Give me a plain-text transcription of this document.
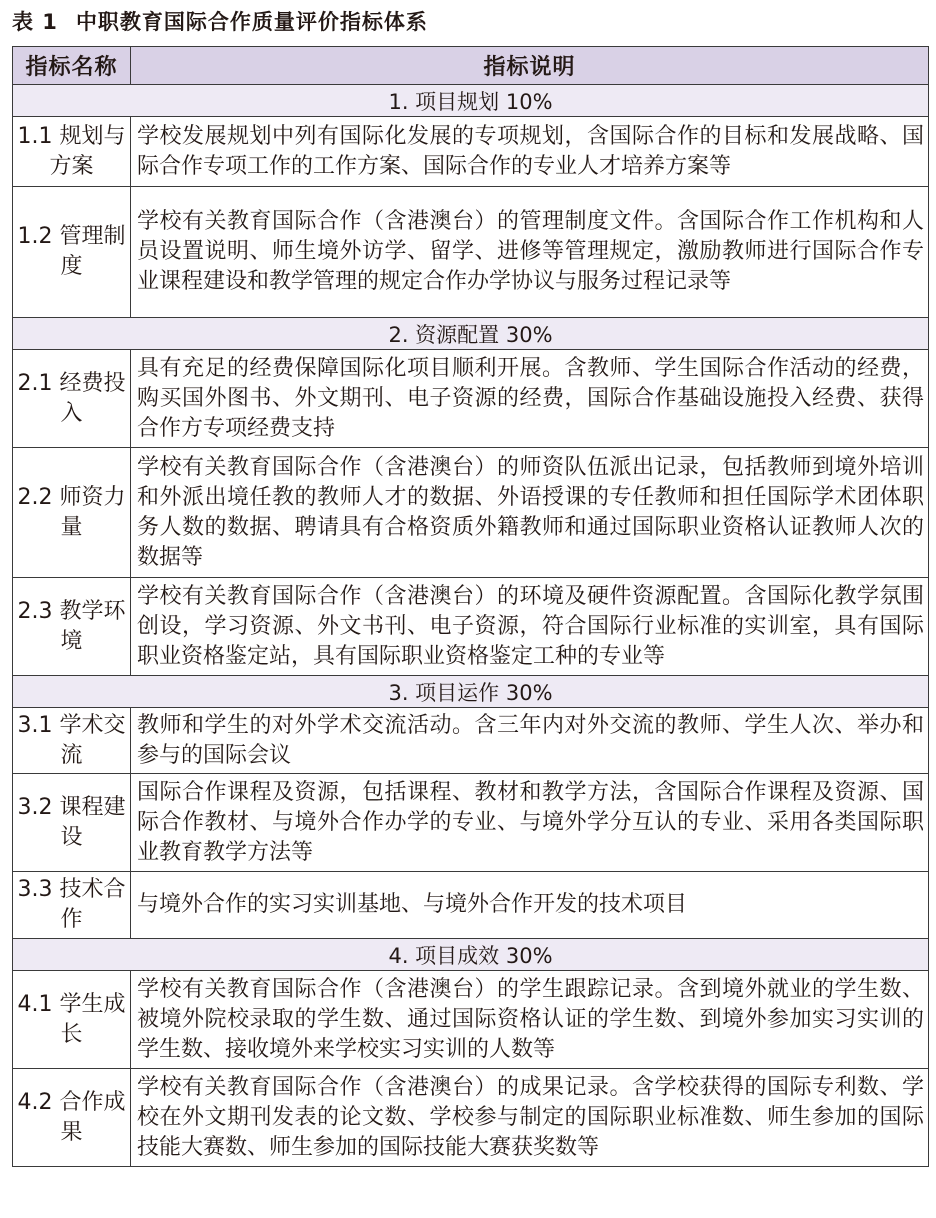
表 1 中职教育国际合作质量评价指标体系
指标名称	指标说明
1. 项目规划 10%	
1.1 规划与方案	学校发展规划中列有国际化发展的专项规划，含国际合作的目标和发展战略、国际合作专项工作的工作方案、国际合作的专业人才培养方案等
1.2 管理制度	学校有关教育国际合作（含港澳台）的管理制度文件。含国际合作工作机构和人员设置说明、师生境外访学、留学、进修等管理规定，激励教师进行国际合作专业课程建设和教学管理的规定合作办学协议与服务过程记录等
2. 资源配置 30%	
2.1 经费投入	具有充足的经费保障国际化项目顺利开展。含教师、学生国际合作活动的经费，购买国外图书、外文期刊、电子资源的经费，国际合作基础设施投入经费、获得合作方专项经费支持
2.2 师资力量	学校有关教育国际合作（含港澳台）的师资队伍派出记录，包括教师到境外培训和外派出境任教的教师人才的数据、外语授课的专任教师和担任国际学术团体职务人数的数据、聘请具有合格资质外籍教师和通过国际职业资格认证教师人次的数据等
2.3 教学环境	学校有关教育国际合作（含港澳台）的环境及硬件资源配置。含国际化教学氛围创设，学习资源、外文书刊、电子资源，符合国际行业标准的实训室，具有国际职业资格鉴定站，具有国际职业资格鉴定工种的专业等
3. 项目运作 30%	
3.1 学术交流	教师和学生的对外学术交流活动。含三年内对外交流的教师、学生人次、举办和参与的国际会议
3.2 课程建设	国际合作课程及资源，包括课程、教材和教学方法，含国际合作课程及资源、国际合作教材、与境外合作办学的专业、与境外学分互认的专业、采用各类国际职业教育教学方法等
3.3 技术合作	与境外合作的实习实训基地、与境外合作开发的技术项目
4. 项目成效 30%	
4.1 学生成长	学校有关教育国际合作（含港澳台）的学生跟踪记录。含到境外就业的学生数、被境外院校录取的学生数、通过国际资格认证的学生数、到境外参加实习实训的学生数、接收境外来学校实习实训的人数等
4.2 合作成果	学校有关教育国际合作（含港澳台）的成果记录。含学校获得的国际专利数、学校在外文期刊发表的论文数、学校参与制定的国际职业标准数、师生参加的国际技能大赛数、师生参加的国际技能大赛获奖数等
